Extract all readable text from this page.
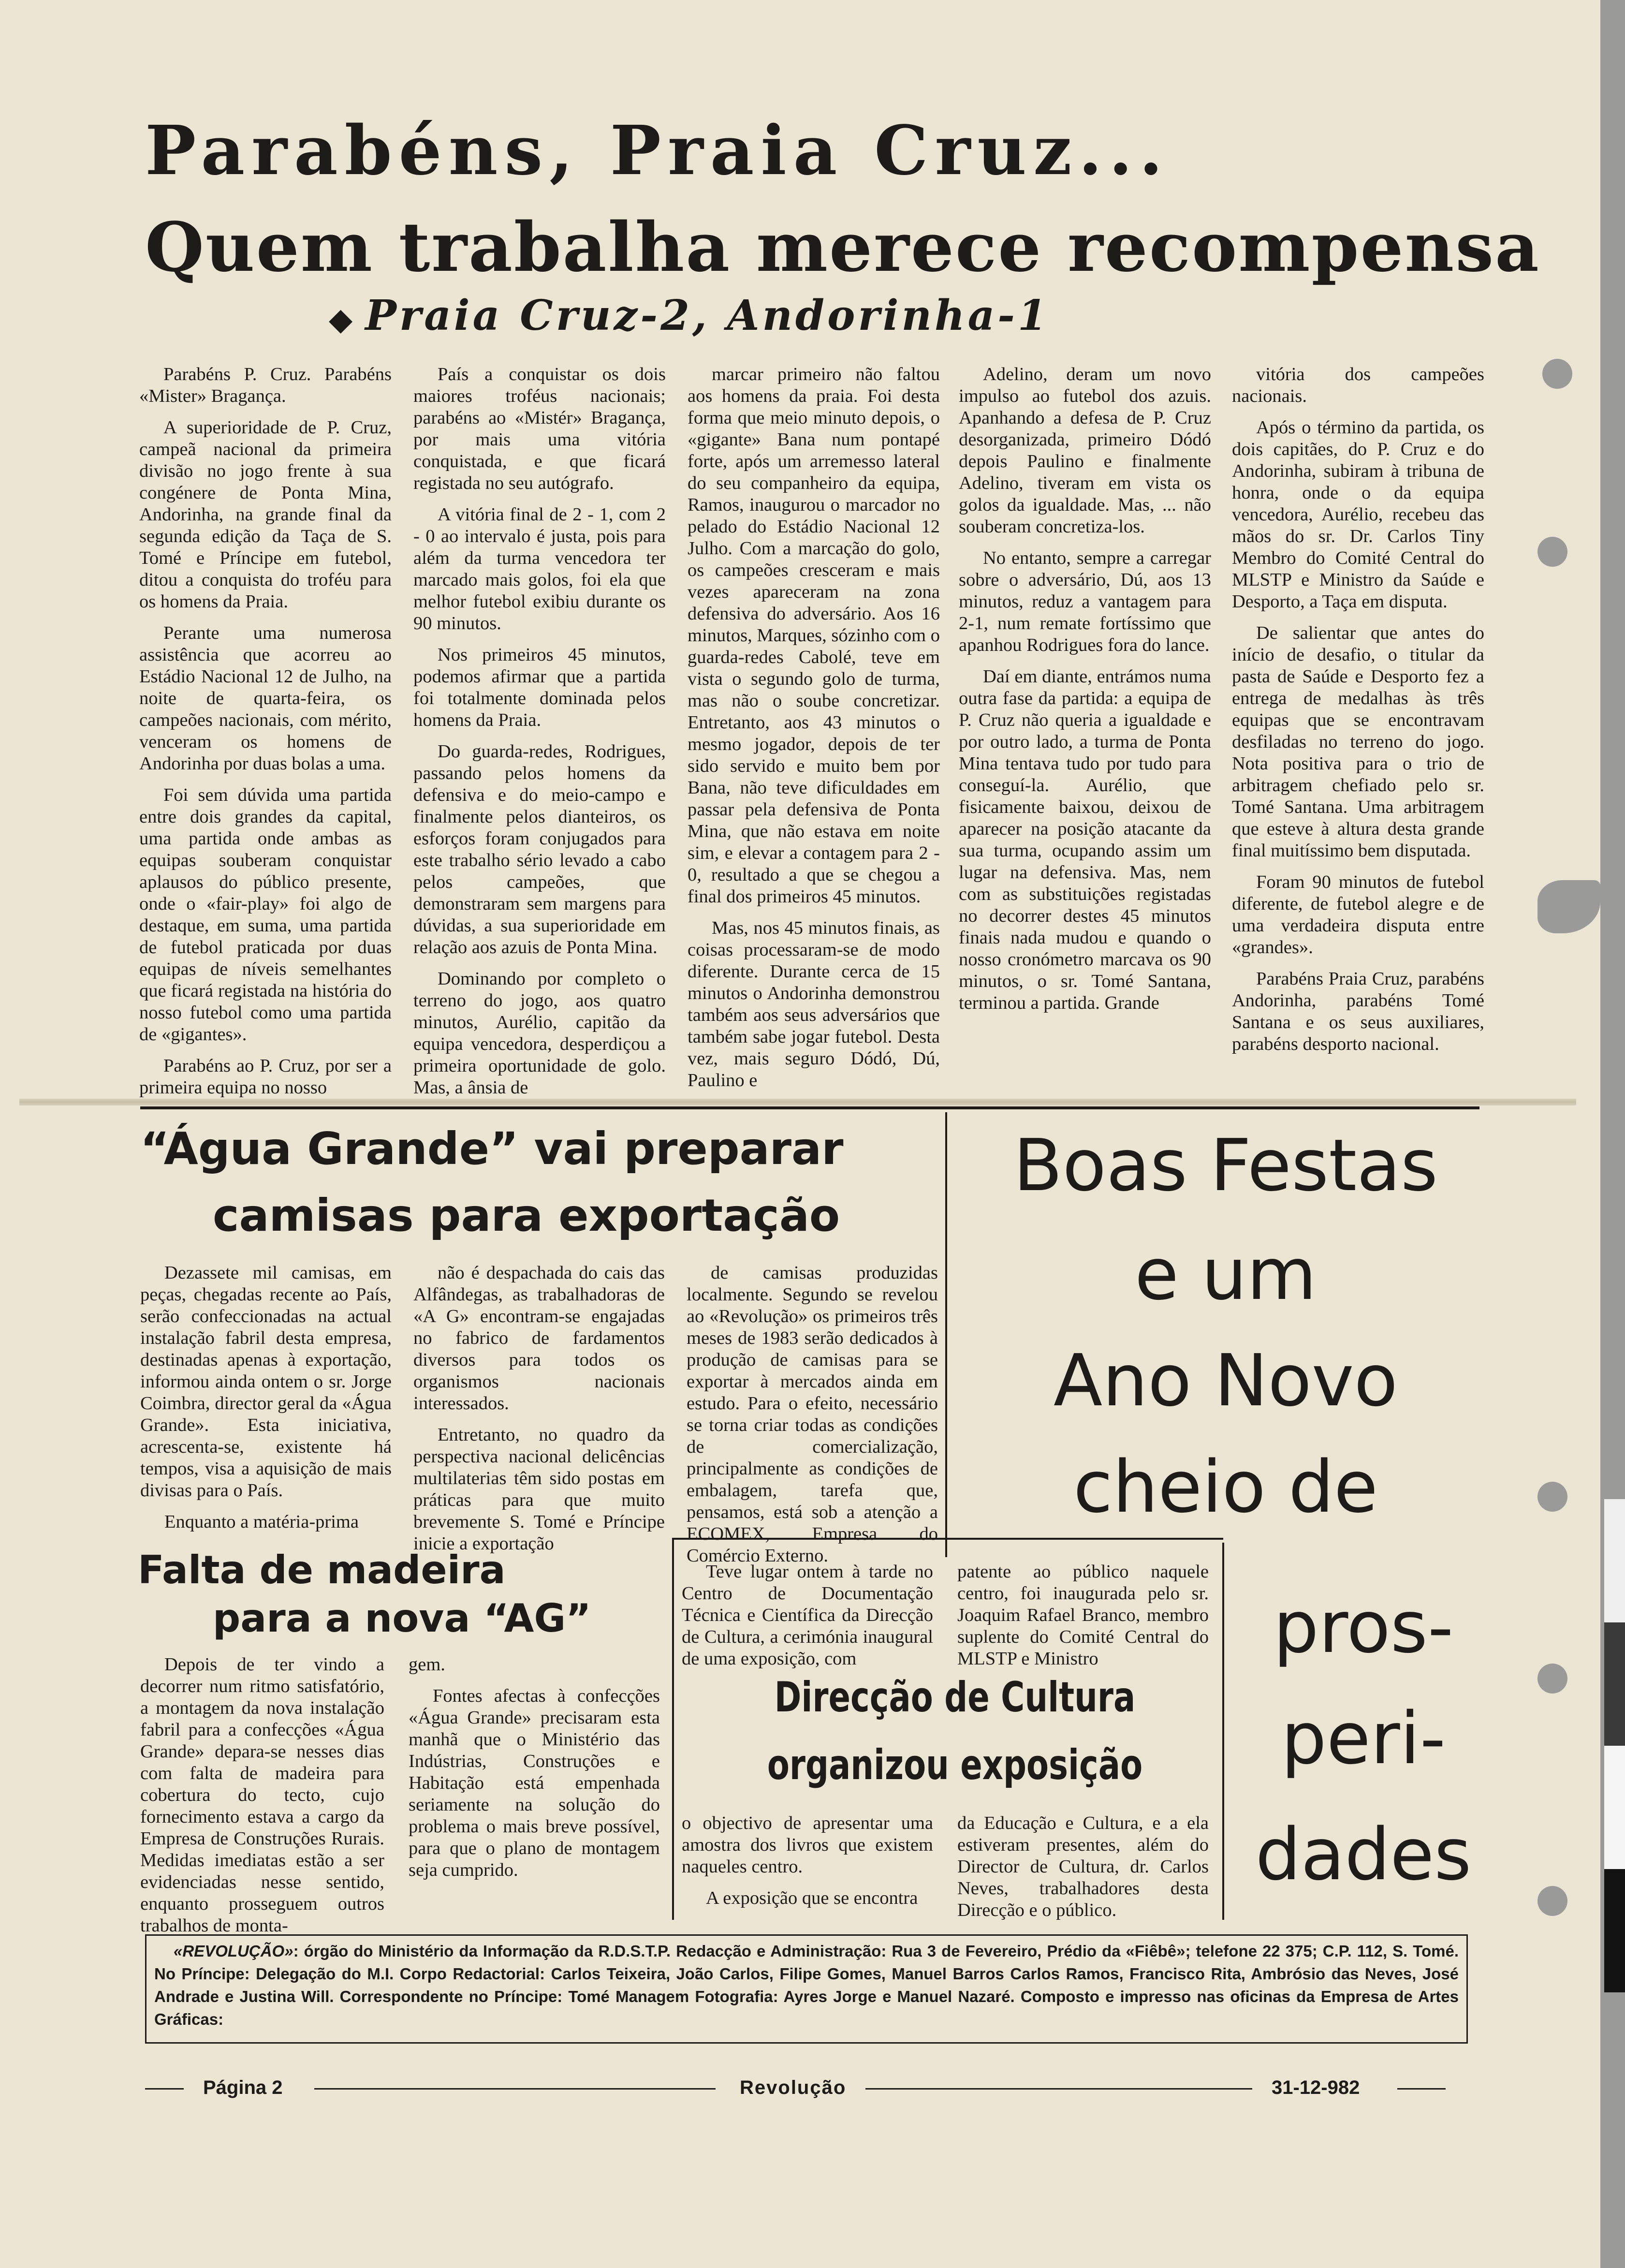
Parabéns, Praia Cruz...
Quem trabalha merece recompensa
◆ Praia Cruz-2, Andorinha-1

Parabéns P. Cruz. Parabéns «Mister» Bragança.

A superioridade de P. Cruz, campeã nacional da primeira divisão no jogo frente à sua congénere de Ponta Mina, Andorinha, na grande final da segunda edição da Taça de S. Tomé e Príncipe em futebol, ditou a conquista do troféu para os homens da Praia.

Perante uma numerosa assistência que acorreu ao Estádio Nacional 12 de Julho, na noite de quarta-feira, os campeões nacionais, com mérito, venceram os homens de Andorinha por duas bolas a uma.

Foi sem dúvida uma partida entre dois grandes da capital, uma partida onde ambas as equipas souberam conquistar aplausos do público presente, onde o «fair-play» foi algo de destaque, em suma, uma partida de futebol praticada por duas equipas de níveis semelhantes que ficará registada na história do nosso futebol como uma partida de «gigantes».

Parabéns ao P. Cruz, por ser a primeira equipa no nosso

País a conquistar os dois maiores troféus nacionais; parabéns ao «Mistér» Bragança, por mais uma vitória conquistada, e que ficará registada no seu autógrafo.

A vitória final de 2 - 1, com 2 - 0 ao intervalo é justa, pois para além da turma vencedora ter marcado mais golos, foi ela que melhor futebol exibiu durante os 90 minutos.

Nos primeiros 45 minutos, podemos afirmar que a partida foi totalmente dominada pelos homens da Praia.

Do guarda-redes, Rodrigues, passando pelos homens da defensiva e do meio-campo e finalmente pelos dianteiros, os esforços foram conjugados para este trabalho sério levado a cabo pelos campeões, que demonstraram sem margens para dúvidas, a sua superioridade em relação aos azuis de Ponta Mina.

Dominando por completo o terreno do jogo, aos quatro minutos, Aurélio, capitão da equipa vencedora, desperdiçou a primeira oportunidade de golo. Mas, a ânsia de

marcar primeiro não faltou aos homens da praia. Foi desta forma que meio minuto depois, o «gigante» Bana num pontapé forte, após um arremesso lateral do seu companheiro da equipa, Ramos, inaugurou o marcador no pelado do Estádio Nacional 12 Julho. Com a marcação do golo, os campeões cresceram e mais vezes apareceram na zona defensiva do adversário. Aos 16 minutos, Marques, sózinho com o guarda-redes Cabolé, teve em vista o segundo golo de turma, mas não o soube concretizar. Entretanto, aos 43 minutos o mesmo jogador, depois de ter sido servido e muito bem por Bana, não teve dificuldades em passar pela defensiva de Ponta Mina, que não estava em noite sim, e elevar a contagem para 2 - 0, resultado a que se chegou a final dos primeiros 45 minutos.

Mas, nos 45 minutos finais, as coisas processaram-se de modo diferente. Durante cerca de 15 minutos o Andorinha demonstrou também aos seus adversários que também sabe jogar futebol. Desta vez, mais seguro Dódó, Dú, Paulino e

Adelino, deram um novo impulso ao futebol dos azuis. Apanhando a defesa de P. Cruz desorganizada, primeiro Dódó depois Paulino e finalmente Adelino, tiveram em vista os golos da igualdade. Mas, ... não souberam concretiza-los.

No entanto, sempre a carregar sobre o adversário, Dú, aos 13 minutos, reduz a vantagem para 2-1, num remate fortíssimo que apanhou Rodrigues fora do lance.

Daí em diante, entrámos numa outra fase da partida: a equipa de P. Cruz não queria a igualdade e por outro lado, a turma de Ponta Mina tentava tudo por tudo para conseguí-la. Aurélio, que fisicamente baixou, deixou de aparecer na posição atacante da sua turma, ocupando assim um lugar na defensiva. Mas, nem com as substituições registadas no decorrer destes 45 minutos finais nada mudou e quando o nosso cronómetro marcava os 90 minutos, o sr. Tomé Santana, terminou a partida. Grande

vitória dos campeões nacionais.

Após o término da partida, os dois capitães, do P. Cruz e do Andorinha, subiram à tribuna de honra, onde o da equipa vencedora, Aurélio, recebeu das mãos do sr. Dr. Carlos Tiny Membro do Comité Central do MLSTP e Ministro da Saúde e Desporto, a Taça em disputa.

De salientar que antes do início de desafio, o titular da pasta de Saúde e Desporto fez a entrega de medalhas às três equipas que se encontravam desfiladas no terreno do jogo. Nota positiva para o trio de arbitragem chefiado pelo sr. Tomé Santana. Uma arbitragem que esteve à altura desta grande final muitíssimo bem disputada.

Foram 90 minutos de futebol diferente, de futebol alegre e de uma verdadeira disputa entre «grandes».

Parabéns Praia Cruz, parabéns Andorinha, parabéns Tomé Santana e os seus auxiliares, parabéns desporto nacional.

“Água Grande” vai preparar
camisas para exportação

Dezassete mil camisas, em peças, chegadas recente ao País, serão confeccionadas na actual instalação fabril desta empresa, destinadas apenas à exportação, informou ainda ontem o sr. Jorge Coimbra, director geral da «Água Grande». Esta iniciativa, acrescenta-se, existente há tempos, visa a aquisição de mais divisas para o País.

Enquanto a matéria-prima

não é despachada do cais das Alfândegas, as trabalhadoras de «A G» encontram-se engajadas no fabrico de fardamentos diversos para todos os organismos nacionais interessados.

Entretanto, no quadro da perspectiva nacional delicências multilaterias têm sido postas em práticas para que muito brevemente S. Tomé e Príncipe inicie a exportação

de camisas produzidas localmente. Segundo se revelou ao «Revolução» os primeiros três meses de 1983 serão dedicados à produção de camisas para se exportar à mercados ainda em estudo. Para o efeito, necessário se torna criar todas as condições de comercialização, principalmente as condições de embalagem, tarefa que, pensamos, está sob a atenção a ECOMEX, Empresa do Comércio Externo.

Boas Festas
e um
Ano Novo
cheio de
pros-
peri-
dades
Falta de madeira
para a nova “AG”

Depois de ter vindo a decorrer num ritmo satisfatório, a montagem da nova instalação fabril para a confecções «Água Grande» depara-se nesses dias com falta de madeira para cobertura do tecto, cujo fornecimento estava a cargo da Empresa de Construções Rurais. Medidas imediatas estão a ser evidenciadas nesse sentido, enquanto prosseguem outros trabalhos de monta-

gem.

Fontes afectas à confecções «Água Grande» precisaram esta manhã que o Ministério das Indústrias, Construções e Habitação está empenhada seriamente na solução do problema o mais breve possível, para que o plano de montagem seja cumprido.

Teve lugar ontem à tarde no Centro de Documentação Técnica e Científica da Direcção de Cultura, a cerimónia inaugural de uma exposição, com

patente ao público naquele centro, foi inaugurada pelo sr. Joaquim Rafael Branco, membro suplente do Comité Central do MLSTP e Ministro

Direcção de Cultura
organizou exposição

o objectivo de apresentar uma amostra dos livros que existem naqueles centro.

A exposição que se encontra

da Educação e Cultura, e a ela estiveram presentes, além do Director de Cultura, dr. Carlos Neves, trabalhadores desta Direcção e o público.

«REVOLUÇÃO»: órgão do Ministério da Informação da R.D.S.T.P. Redacção e Administração: Rua 3 de Fevereiro, Prédio da «Fiêbê»; telefone 22 375; C.P. 112, S. Tomé. No Príncipe: Delegação do M.I. Corpo Redactorial: Carlos Teixeira, João Carlos, Filipe Gomes, Manuel Barros Carlos Ramos, Francisco Rita, Ambrósio das Neves, José Andrade e Justina Will. Correspondente no Príncipe: Tomé Managem Fotografia: Ayres Jorge e Manuel Nazaré. Composto e impresso nas oficinas da Empresa de Artes Gráficas:
Página 2	Revolução	31-12-982
